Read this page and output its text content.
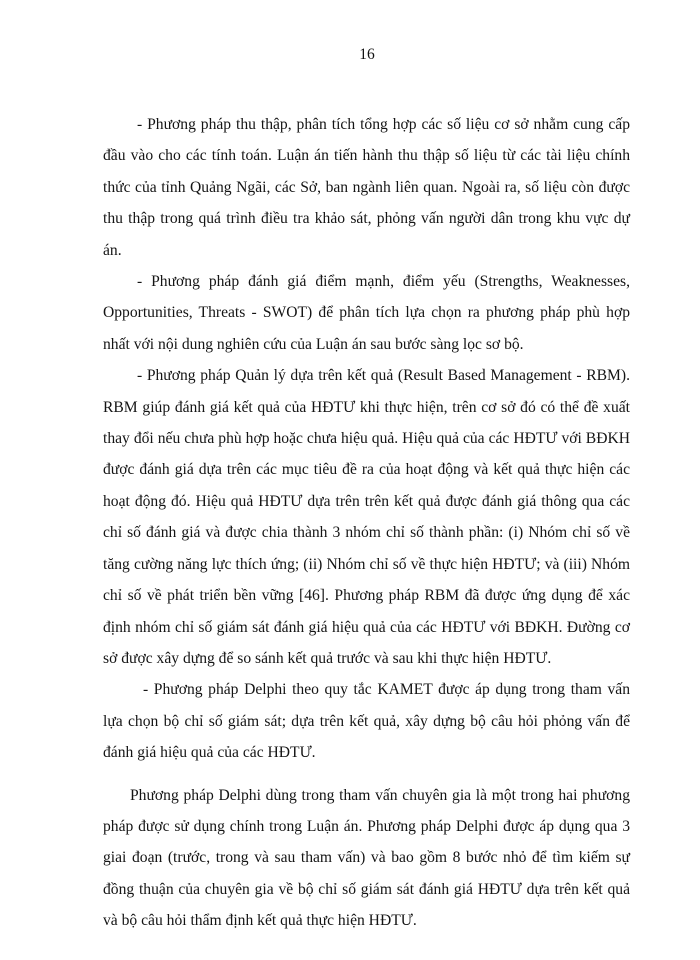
16

- Phương pháp thu thập, phân tích tổng hợp các số liệu cơ sở nhằm cung cấp đầu vào cho các tính toán. Luận án tiến hành thu thập số liệu từ các tài liệu chính thức của tỉnh Quảng Ngãi, các Sở, ban ngành liên quan. Ngoài ra, số liệu còn được thu thập trong quá trình điều tra khảo sát, phỏng vấn người dân trong khu vực dự án.

- Phương pháp đánh giá điểm mạnh, điểm yếu (Strengths, Weaknesses, Opportunities, Threats - SWOT) để phân tích lựa chọn ra phương pháp phù hợp nhất với nội dung nghiên cứu của Luận án sau bước sàng lọc sơ bộ.

- Phương pháp Quản lý dựa trên kết quả (Result Based Management - RBM). RBM giúp đánh giá kết quả của HĐTƯ khi thực hiện, trên cơ sở đó có thể đề xuất thay đổi nếu chưa phù hợp hoặc chưa hiệu quả. Hiệu quả của các HĐTƯ với BĐKH được đánh giá dựa trên các mục tiêu đề ra của hoạt động và kết quả thực hiện các hoạt động đó. Hiệu quả HĐTƯ dựa trên trên kết quả được đánh giá thông qua các chỉ số đánh giá và được chia thành 3 nhóm chỉ số thành phần: (i) Nhóm chỉ số về tăng cường năng lực thích ứng; (ii) Nhóm chỉ số về thực hiện HĐTƯ; và (iii) Nhóm chỉ số về phát triển bền vững [46]. Phương pháp RBM đã được ứng dụng để xác định nhóm chỉ số giám sát đánh giá hiệu quả của các HĐTƯ với BĐKH. Đường cơ sở được xây dựng để so sánh kết quả trước và sau khi thực hiện HĐTƯ.

- Phương pháp Delphi theo quy tắc KAMET được áp dụng trong tham vấn lựa chọn bộ chỉ số giám sát; dựa trên kết quả, xây dựng bộ câu hỏi phỏng vấn để đánh giá hiệu quả của các HĐTƯ.

Phương pháp Delphi dùng trong tham vấn chuyên gia là một trong hai phương pháp được sử dụng chính trong Luận án. Phương pháp Delphi được áp dụng qua 3 giai đoạn (trước, trong và sau tham vấn) và bao gồm 8 bước nhỏ để tìm kiếm sự đồng thuận của chuyên gia về bộ chỉ số giám sát đánh giá HĐTƯ dựa trên kết quả và bộ câu hỏi thẩm định kết quả thực hiện HĐTƯ.
